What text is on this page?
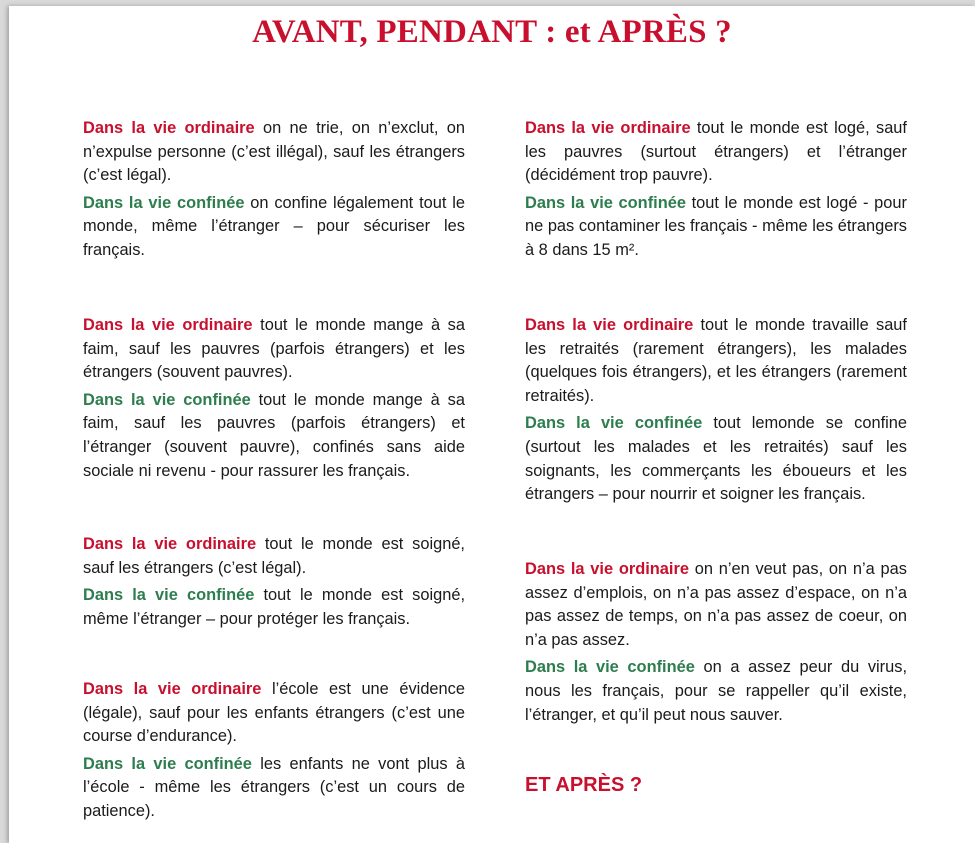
AVANT, PENDANT : et APRÈS ?

Dans la vie ordinaire on ne trie, on n’exclut, on n’expulse personne (c’est illégal), sauf les étrangers (c’est légal).

Dans la vie confinée on confine légalement tout le monde, même l’étranger – pour sécuriser les français.

Dans la vie ordinaire tout le monde mange à sa faim, sauf les pauvres (parfois étrangers) et les étrangers (souvent pauvres).

Dans la vie confinée tout le monde mange à sa faim, sauf les pauvres (parfois étrangers) et l’étranger (souvent pauvre), confinés sans aide sociale ni revenu - pour rassurer les français.

Dans la vie ordinaire tout le monde est soigné, sauf les étrangers (c’est légal).

Dans la vie confinée tout le monde est soigné, même l’étranger – pour protéger les français.

Dans la vie ordinaire l’école est une évidence (légale), sauf pour les enfants étrangers (c’est une course d’endurance).

Dans la vie confinée les enfants ne vont plus à l’école - même les étrangers (c’est un cours de patience).

Dans la vie ordinaire tout le monde est logé, sauf les pauvres (surtout étrangers) et l’étranger (décidément trop pauvre).

Dans la vie confinée tout le monde est logé - pour ne pas contaminer les français - même les étrangers à 8 dans 15 m².

Dans la vie ordinaire tout le monde travaille sauf les retraités (rarement étrangers), les malades (quelques fois étrangers), et les étrangers (rarement retraités).

Dans la vie confinée tout lemonde se confine (surtout les malades et les retraités) sauf les soignants, les commerçants les éboueurs et les étrangers – pour nourrir et soigner les français.

Dans la vie ordinaire on n’en veut pas, on n’a pas assez d’emplois, on n’a pas assez d’espace, on n’a pas assez de temps, on n’a pas assez de coeur, on n’a pas assez.

Dans la vie confinée on a assez peur du virus, nous les français, pour se rappeller qu’il existe, l’étranger, et qu’il peut nous sauver.

ET APRÈS ?
